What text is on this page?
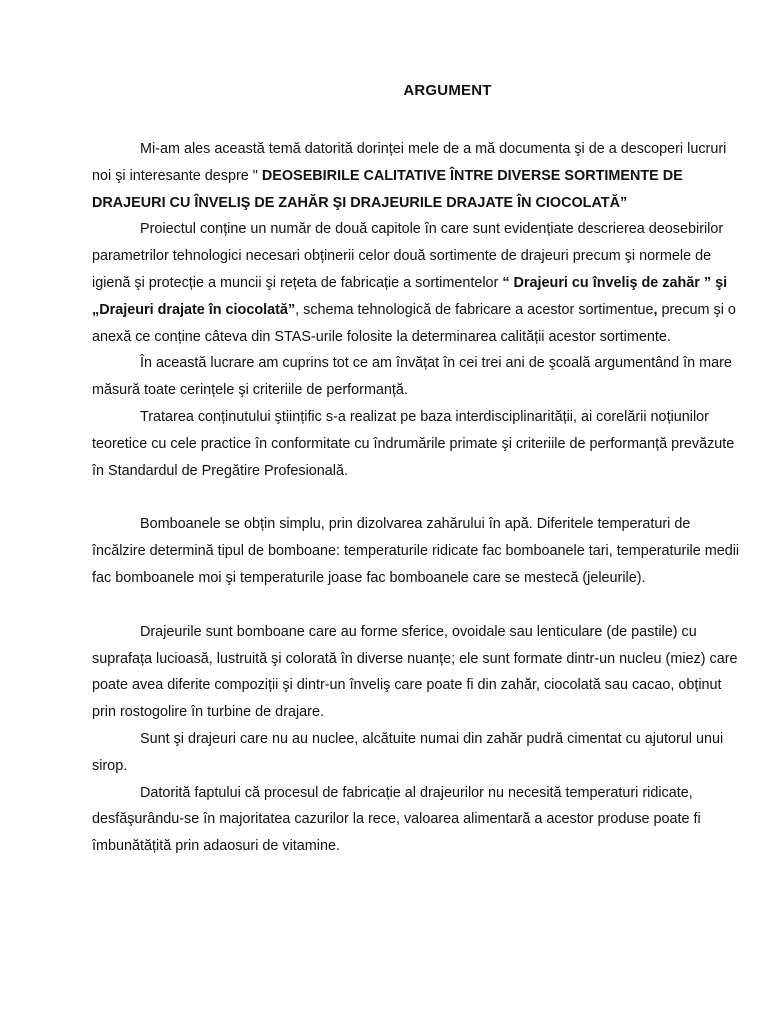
ARGUMENT

Mi-am ales această temă datorită dorinței mele de a mă documenta şi de a descoperi lucruri noi şi interesante despre " DEOSEBIRILE CALITATIVE ÎNTRE DIVERSE SORTIMENTE DE DRAJEURI CU ÎNVELIŞ DE ZAHĂR ŞI DRAJEURILE DRAJATE ÎN CIOCOLATĂ”

Proiectul conține un număr de două capitole în care sunt evidențiate descrierea deosebirilor parametrilor tehnologici necesari obținerii celor două sortimente de drajeuri precum şi normele de igienă şi protecție a muncii şi rețeta de fabricație a sortimentelor “ Drajeuri cu înveliş de zahăr ” şi „Drajeuri drajate în ciocolată”, schema tehnologică de fabricare a acestor sortimentue, precum şi o anexă ce conține câteva din STAS-urile folosite la determinarea calității acestor sortimente.

În această lucrare am cuprins tot ce am învățat în cei trei ani de şcoală argumentând în mare măsură toate cerințele şi criteriile de performanță.

Tratarea conținutului ştiințific s-a realizat pe baza interdisciplinarității, ai corelării noțiunilor teoretice cu cele practice în conformitate cu îndrumările primate şi criteriile de performanță prevăzute în Standardul de Pregătire Profesională.

Bomboanele se obțin simplu, prin dizolvarea zahărului în apă. Diferitele temperaturi de încălzire determină tipul de bomboane: temperaturile ridicate fac bomboanele tari, temperaturile medii fac bomboanele moi şi temperaturile joase fac bomboanele care se mestecă (jeleurile).

Drajeurile sunt bomboane care au forme sferice, ovoidale sau lenticulare (de pastile) cu suprafața lucioasă, lustruită şi colorată în diverse nuanțe; ele sunt formate dintr-un nucleu (miez) care poate avea diferite compoziții şi dintr-un înveliş care poate fi din zahăr, ciocolată sau cacao, obținut prin rostogolire în turbine de drajare.

Sunt şi drajeuri care nu au nuclee, alcătuite numai din zahăr pudră cimentat cu ajutorul unui sirop.

Datorită faptului că procesul de fabricație al drajeurilor nu necesită temperaturi ridicate, desfăşurându-se în majoritatea cazurilor la rece, valoarea alimentară a acestor produse poate fi îmbunătățită prin adaosuri de vitamine.
